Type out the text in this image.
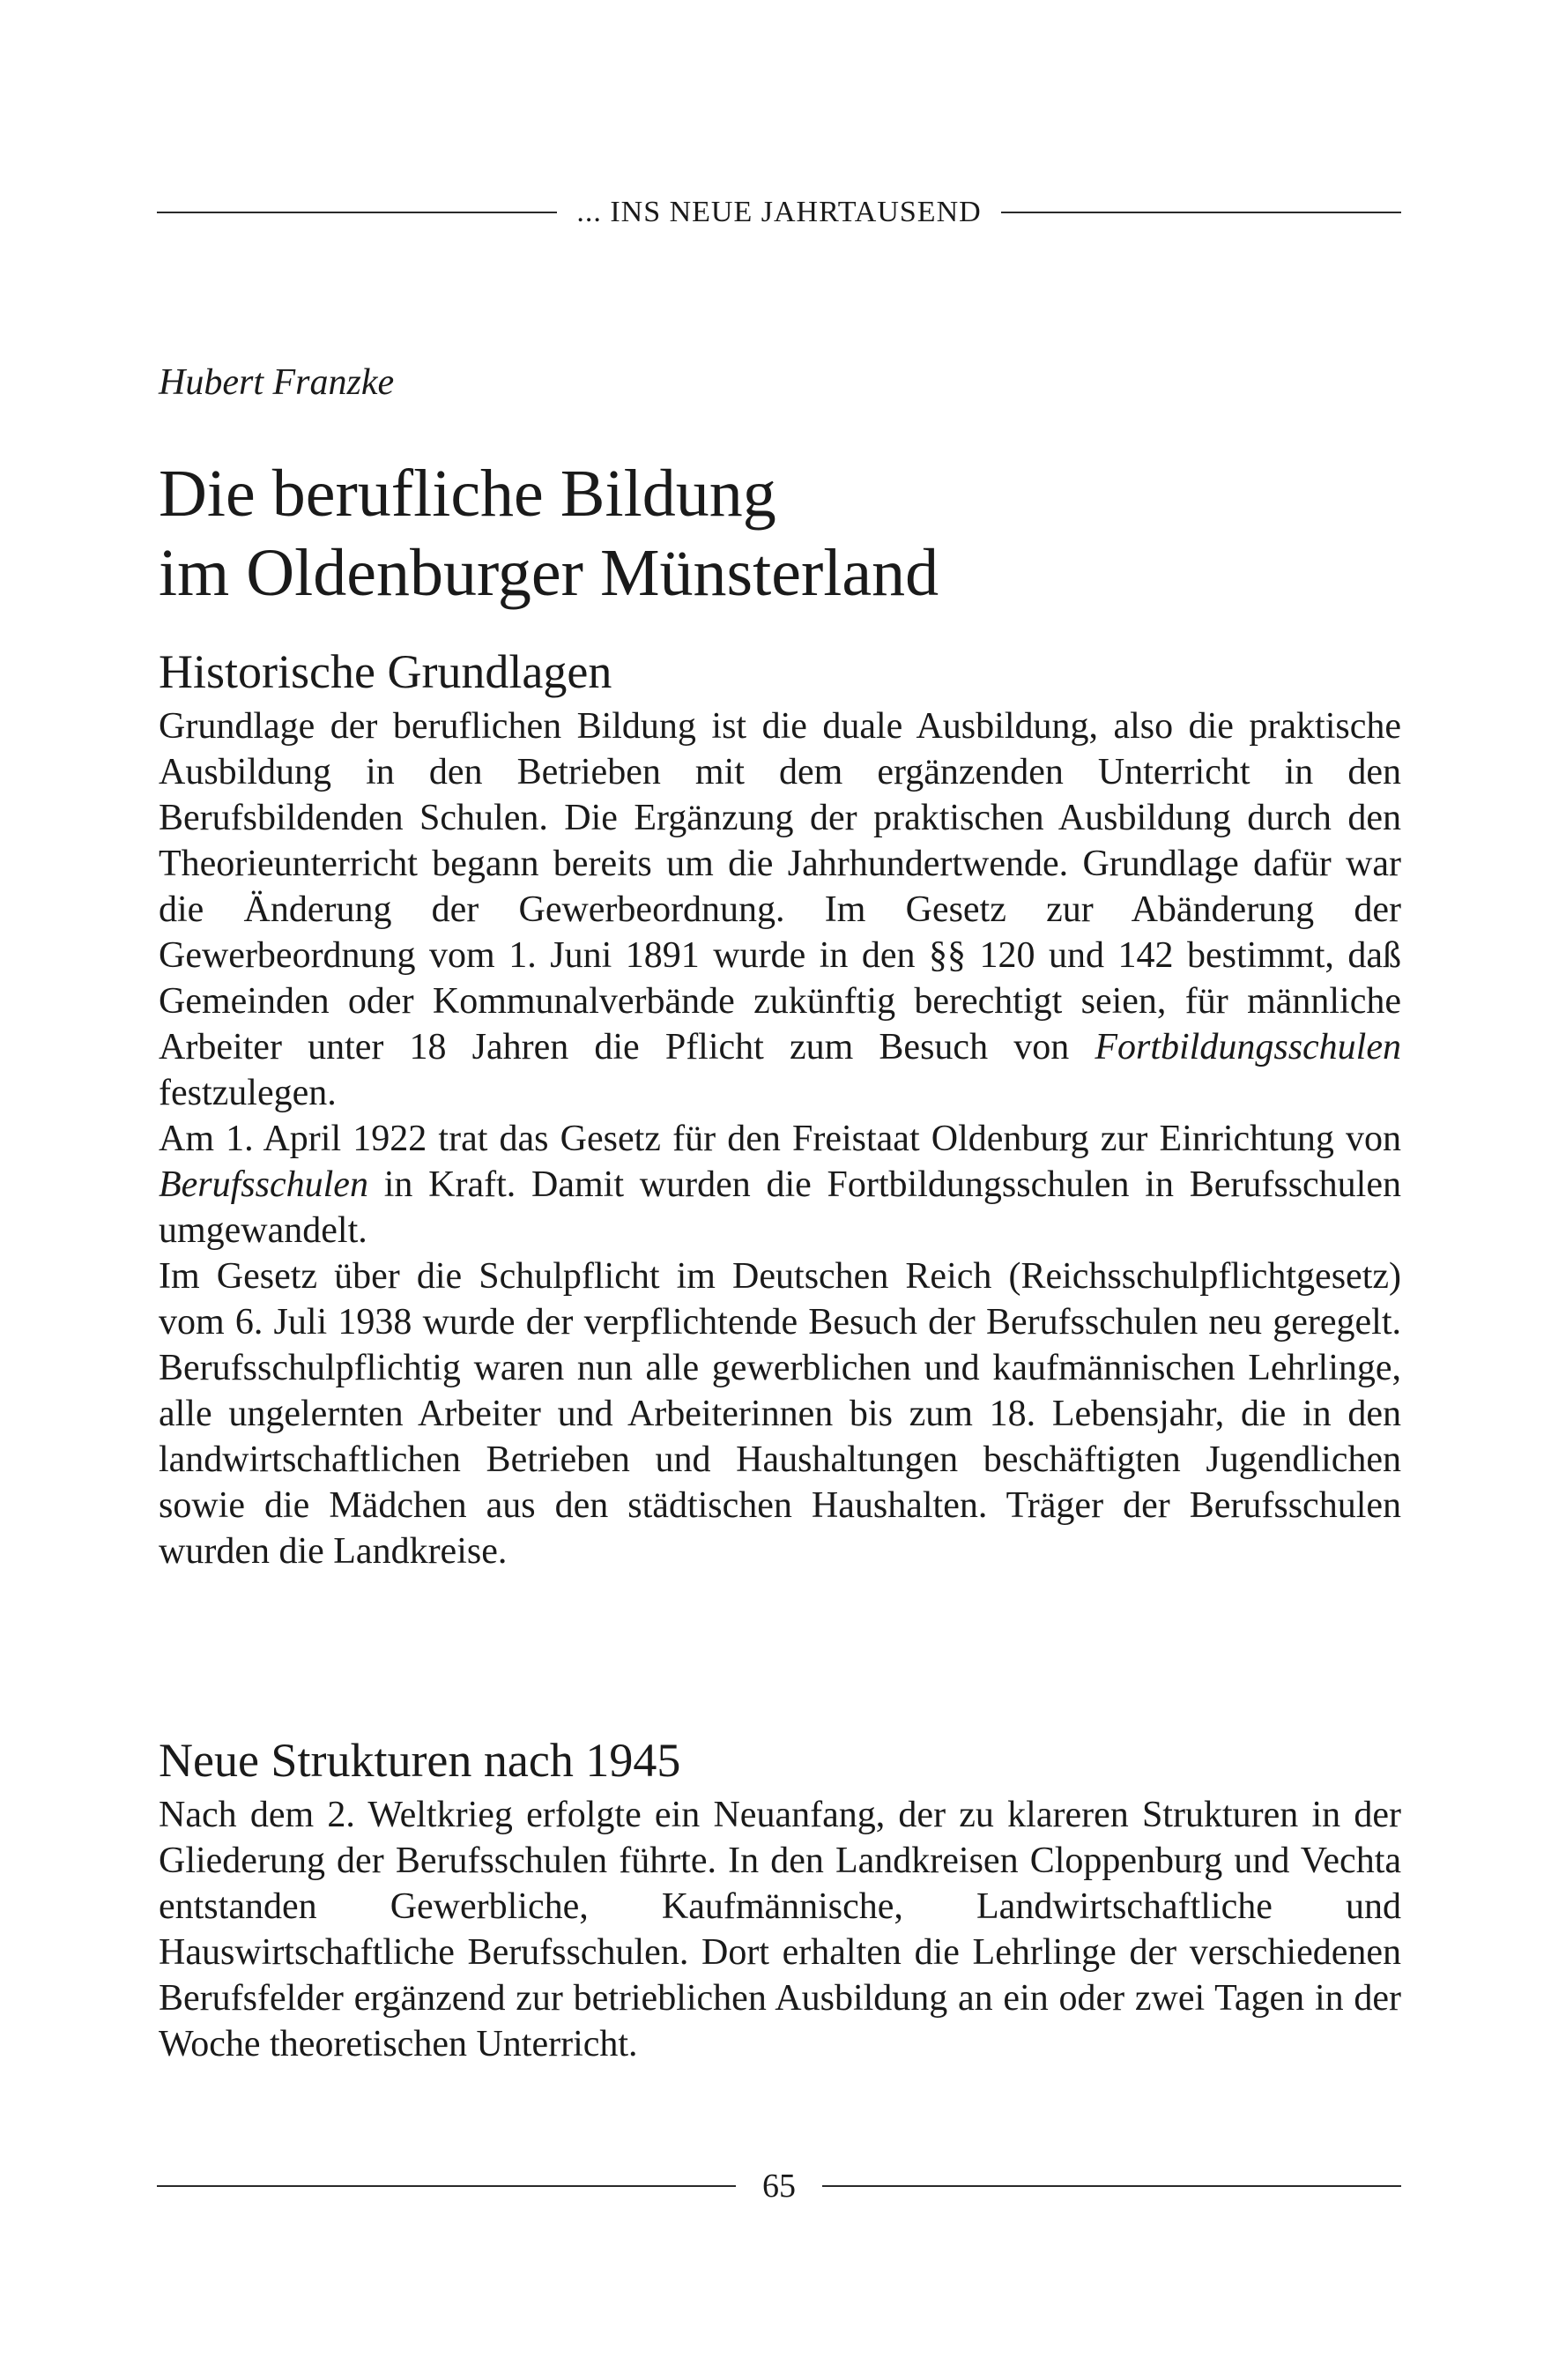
... INS NEUE JAHRTAUSEND
Hubert Franzke
Die berufliche Bildung
im Oldenburger Münsterland
Historische Grundlagen

Grundlage der beruflichen Bildung ist die duale Ausbildung, also die praktische Ausbildung in den Betrieben mit dem ergänzenden Unterricht in den Berufsbildenden Schulen. Die Ergänzung der praktischen Ausbildung durch den Theorieunterricht begann bereits um die Jahrhundertwende. Grundlage dafür war die Änderung der Gewerbeordnung. Im Gesetz zur Abänderung der Gewerbeordnung vom 1. Juni 1891 wurde in den §§ 120 und 142 bestimmt, daß Gemeinden oder Kommunalverbände zukünftig berechtigt seien, für männliche Arbeiter unter 18 Jahren die Pflicht zum Besuch von Fortbildungsschulen festzulegen.

Am 1. April 1922 trat das Gesetz für den Freistaat Oldenburg zur Einrichtung von Berufsschulen in Kraft. Damit wurden die Fortbildungsschulen in Berufsschulen umgewandelt.

Im Gesetz über die Schulpflicht im Deutschen Reich (Reichsschulpflichtgesetz) vom 6. Juli 1938 wurde der verpflichtende Besuch der Berufsschulen neu geregelt. Berufsschulpflichtig waren nun alle gewerblichen und kaufmännischen Lehrlinge, alle ungelernten Arbeiter und Arbeiterinnen bis zum 18. Lebensjahr, die in den landwirtschaftlichen Betrieben und Haushaltungen beschäftigten Jugendlichen sowie die Mädchen aus den städtischen Haushalten. Träger der Berufsschulen wurden die Landkreise.

Neue Strukturen nach 1945

Nach dem 2. Weltkrieg erfolgte ein Neuanfang, der zu klareren Strukturen in der Gliederung der Berufsschulen führte. In den Landkreisen Cloppenburg und Vechta entstanden Gewerbliche, Kaufmännische, Landwirtschaftliche und Hauswirtschaftliche Berufsschulen. Dort erhalten die Lehrlinge der verschiedenen Berufsfelder ergänzend zur betrieblichen Ausbildung an ein oder zwei Tagen in der Woche theoretischen Unterricht.

65
